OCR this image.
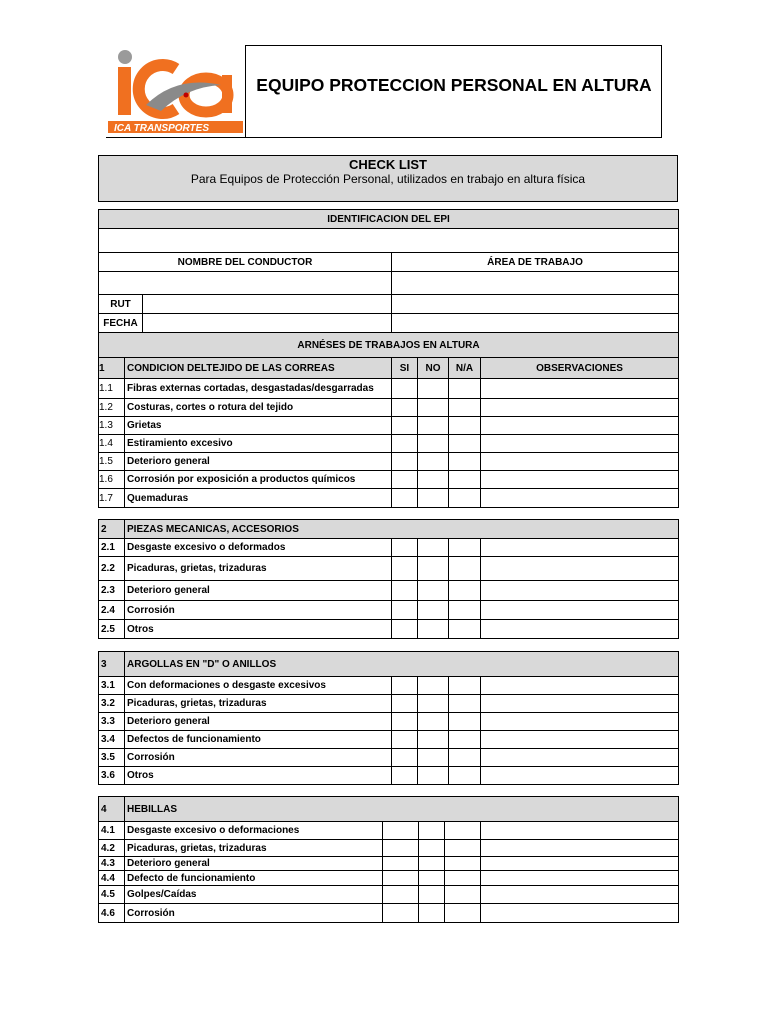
ICA TRANSPORTES
EQUIPO PROTECCION PERSONAL EN ALTURA
CHECK LIST
Para Equipos de Protección Personal, utilizados en trabajo en altura física
IDENTIFICACION DEL EPI						

NOMBRE DEL CONDUCTOR			ÁREA DE TRABAJO			

RUT						
FECHA						
ARNÉSES DE TRABAJOS EN ALTURA						
1	CONDICION DELTEJIDO DE LAS CORREAS		SI	NO	N/A	OBSERVACIONES
1.1	Fibras externas cortadas, desgastadas/desgarradas					
1.2	Costuras, cortes o rotura del tejido					
1.3	Grietas					
1.4	Estiramiento excesivo					
1.5	Deterioro general					
1.6	Corrosión por exposición a productos químicos					
1.7	Quemaduras					
2	PIEZAS MECANICAS, ACCESORIOS				
2.1	Desgaste excesivo o deformados				
2.2	Picaduras, grietas, trizaduras				
2.3	Deterioro general				
2.4	Corrosión				
2.5	Otros				
3	ARGOLLAS EN "D" O ANILLOS				
3.1	Con deformaciones o desgaste excesivos				
3.2	Picaduras, grietas, trizaduras				
3.3	Deterioro general				
3.4	Defectos de funcionamiento				
3.5	Corrosión				
3.6	Otros				
4	HEBILLAS				
4.1	Desgaste excesivo o deformaciones				
4.2	Picaduras, grietas, trizaduras				
4.3	Deterioro general				
4.4	Defecto de funcionamiento				
4.5	Golpes/Caídas				
4.6	Corrosión				
